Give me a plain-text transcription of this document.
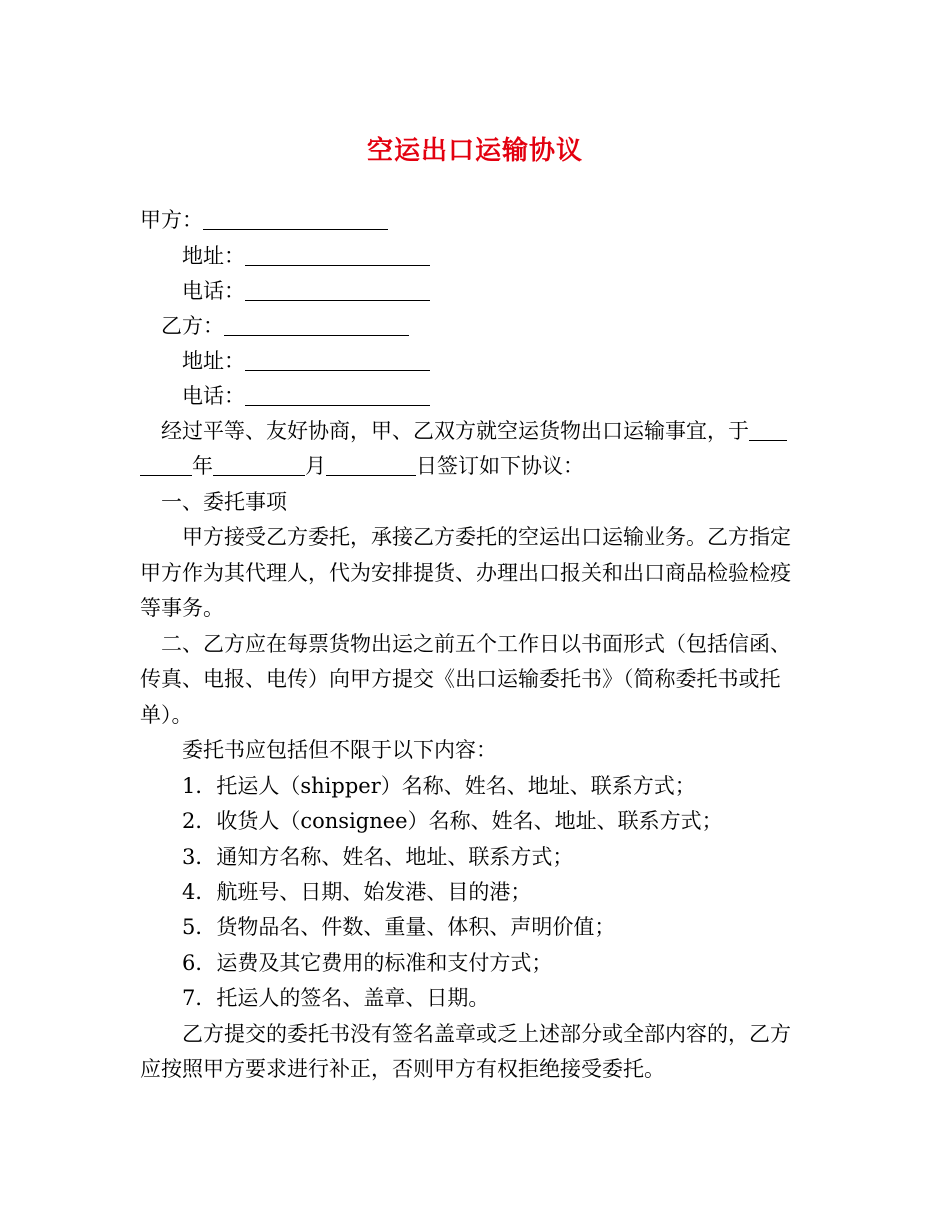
空运出口运输协议
甲方：
地址：
电话：
乙方：
地址：
电话：
经过平等、友好协商，甲、乙双方就空运货物出口运输事宜，于
年	月	日签订如下协议：
一、委托事项
甲方接受乙方委托，承接乙方委托的空运出口运输业务。乙方指定
甲方作为其代理人，代为安排提货、办理出口报关和出口商品检验检疫
等事务。
二、乙方应在每票货物出运之前五个工作日以书面形式（包括信函、
传真、电报、电传）向甲方提交《出口运输委托书》（简称委托书或托
单）。
委托书应包括但不限于以下内容：
1．托运人（shipper）名称、姓名、地址、联系方式；
2．收货人（consignee）名称、姓名、地址、联系方式；
3．通知方名称、姓名、地址、联系方式；
4．航班号、日期、始发港、目的港；
5．货物品名、件数、重量、体积、声明价值；
6．运费及其它费用的标准和支付方式；
7．托运人的签名、盖章、日期。
乙方提交的委托书没有签名盖章或乏上述部分或全部内容的，乙方
应按照甲方要求进行补正，否则甲方有权拒绝接受委托。
